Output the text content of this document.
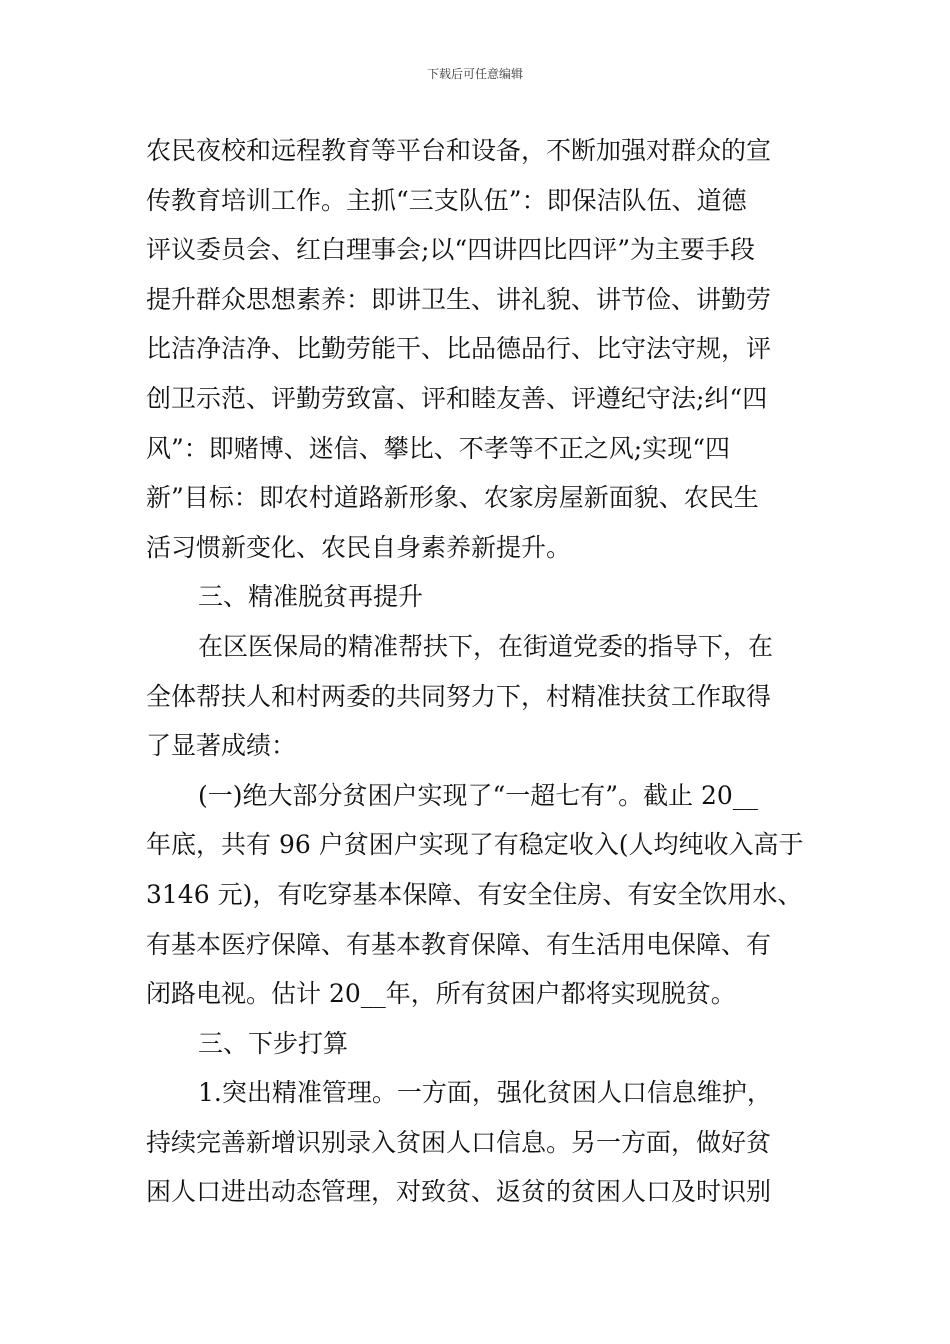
下载后可任意编辑
农民夜校和远程教育等平台和设备，不断加强对群众的宣
传教育培训工作。主抓“三支队伍”：即保洁队伍、道德
评议委员会、红白理事会;以“四讲四比四评”为主要手段
提升群众思想素养：即讲卫生、讲礼貌、讲节俭、讲勤劳
比洁净洁净、比勤劳能干、比品德品行、比守法守规，评
创卫示范、评勤劳致富、评和睦友善、评遵纪守法;纠“四
风”：即赌博、迷信、攀比、不孝等不正之风;实现“四
新”目标：即农村道路新形象、农家房屋新面貌、农民生
活习惯新变化、农民自身素养新提升。
三、精准脱贫再提升
在区医保局的精准帮扶下，在街道党委的指导下，在
全体帮扶人和村两委的共同努力下，村精准扶贫工作取得
了显著成绩：
(一)绝大部分贫困户实现了“一超七有”。截止 20__
年底，共有 96 户贫困户实现了有稳定收入(人均纯收入高于
3146 元)，有吃穿基本保障、有安全住房、有安全饮用水、
有基本医疗保障、有基本教育保障、有生活用电保障、有
闭路电视。估计 20__年，所有贫困户都将实现脱贫。
三、下步打算
1.突出精准管理。一方面，强化贫困人口信息维护，
持续完善新增识别录入贫困人口信息。另一方面，做好贫
困人口进出动态管理，对致贫、返贫的贫困人口及时识别
